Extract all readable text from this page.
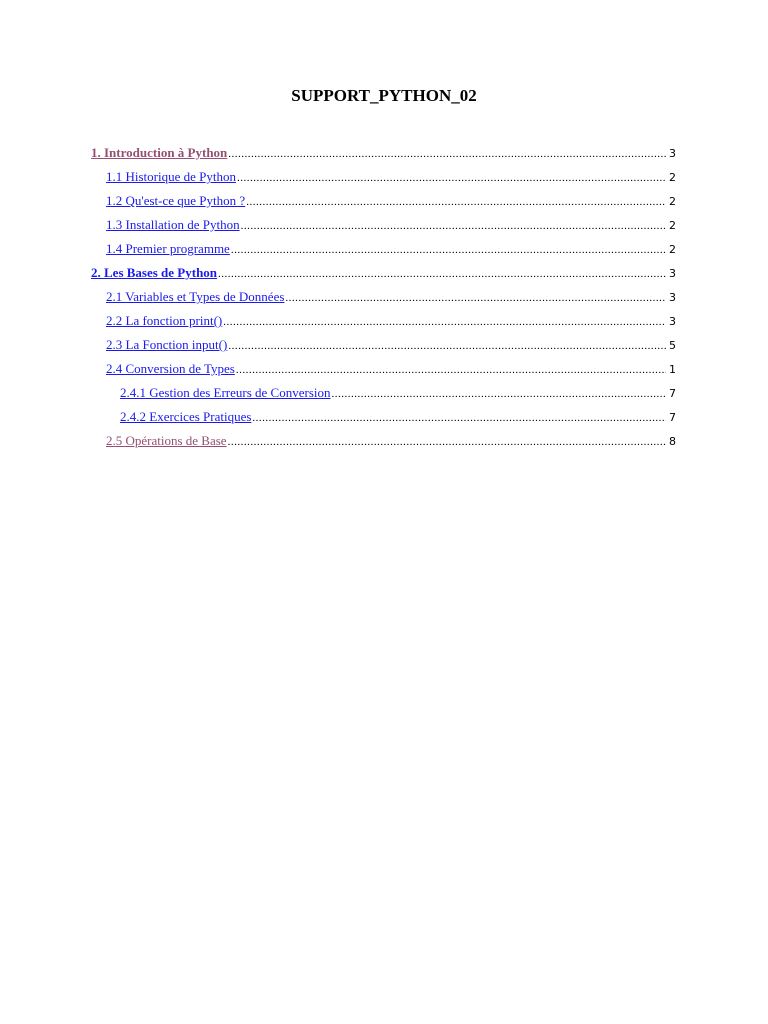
SUPPORT_PYTHON_02
1. Introduction à Python .....	3
1.1 Historique de Python .....	2
1.2 Qu'est-ce que Python ? .....	2
1.3 Installation de Python .....	2
1.4 Premier programme .....	2
2. Les Bases de Python .....	3
2.1 Variables et Types de Données .....	3
2.2 La fonction print() .....	3
2.3 La Fonction input() .....	5
2.4 Conversion de Types .....	1
2.4.1 Gestion des Erreurs de Conversion .....	7
2.4.2 Exercices Pratiques .....	7
2.5 Opérations de Base .....	8
